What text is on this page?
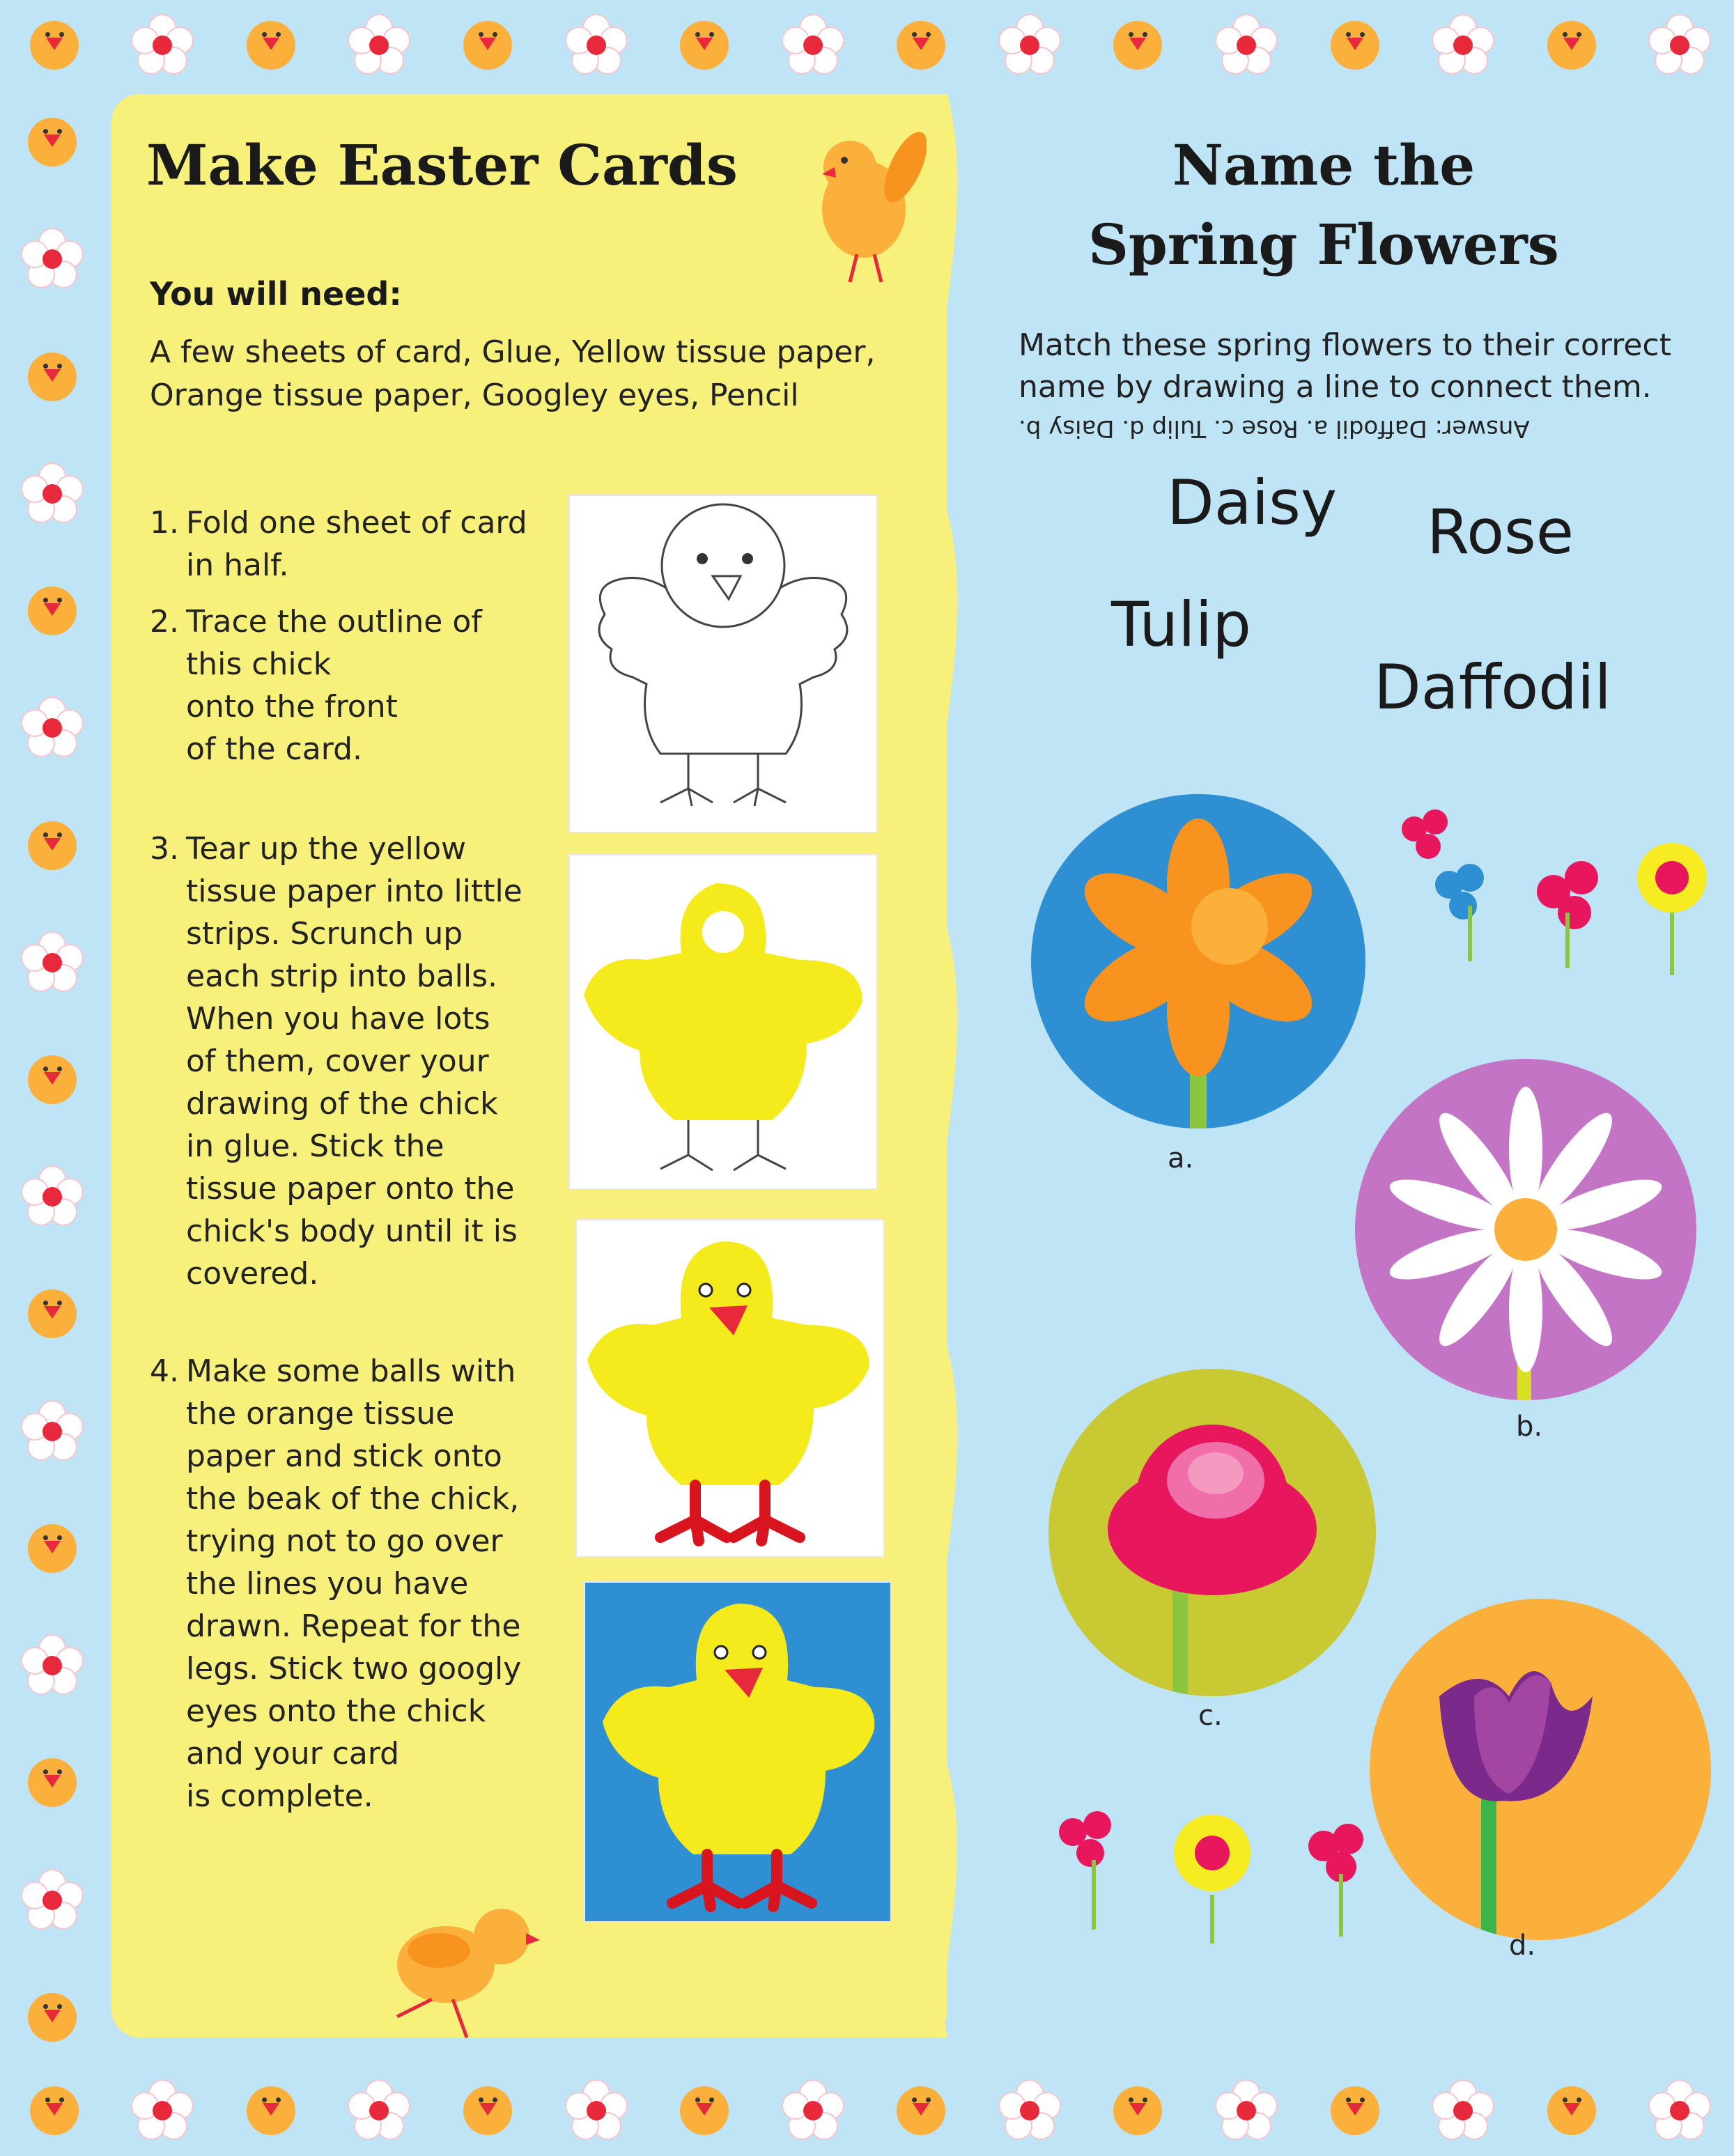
Make Easter Cards
You will need:
A few sheets of card, Glue, Yellow tissue paper,
Orange tissue paper, Googley eyes, Pencil
1. Fold one sheet of card
in half.
2. Trace the outline of
this chick
onto the front
of the card.
3. Tear up the yellow
tissue paper into little
strips. Scrunch up
each strip into balls.
When you have lots
of them, cover your
drawing of the chick
in glue. Stick the
tissue paper onto the
chick's body until it is
covered.
4. Make some balls with
the orange tissue
paper and stick onto
the beak of the chick,
trying not to go over
the lines you have
drawn. Repeat for the
legs. Stick two googly
eyes onto the chick
and your card
is complete.
Name the
Spring Flowers
Match these spring flowers to their correct
name by drawing a line to connect them.
Answer: Daffodil a. Rose c. Tulip d. Daisy b.
Daisy Rose
Tulip
Daffodil
a.
b.
c.
d.
